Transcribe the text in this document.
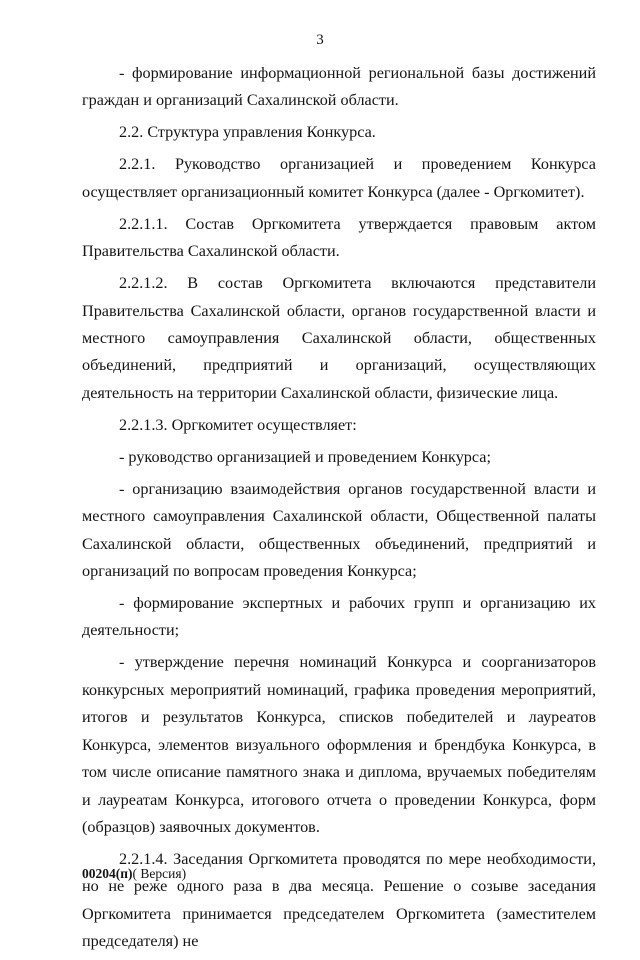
3

- формирование информационной региональной базы достижений граждан и организаций Сахалинской области.

2.2. Структура управления Конкурса.

2.2.1. Руководство организацией и проведением Конкурса осуществляет организационный комитет Конкурса (далее - Оргкомитет).

2.2.1.1. Состав Оргкомитета утверждается правовым актом Правительства Сахалинской области.

2.2.1.2. В состав Оргкомитета включаются представители Правительства Сахалинской области, органов государственной власти и местного самоуправления Сахалинской области, общественных объединений, предприятий и организаций, осуществляющих деятельность на территории Сахалинской области, физические лица.

2.2.1.3. Оргкомитет осуществляет:

- руководство организацией и проведением Конкурса;

- организацию взаимодействия органов государственной власти и местного самоуправления Сахалинской области, Общественной палаты Сахалинской области, общественных объединений, предприятий и организаций по вопросам проведения Конкурса;

- формирование экспертных и рабочих групп и организацию их деятельности;

- утверждение перечня номинаций Конкурса и соорганизаторов конкурсных мероприятий номинаций, графика проведения мероприятий, итогов и результатов Конкурса, списков победителей и лауреатов Конкурса, элементов визуального оформления и брендбука Конкурса, в том числе описание памятного знака и диплома, вручаемых победителям и лауреатам Конкурса, итогового отчета о проведении Конкурса, форм (образцов) заявочных документов.

2.2.1.4. Заседания Оргкомитета проводятся по мере необходимости, но не реже одного раза в два месяца. Решение о созыве заседания Оргкомитета принимается председателем Оргкомитета (заместителем председателя) не

00204(п)( Версия)
